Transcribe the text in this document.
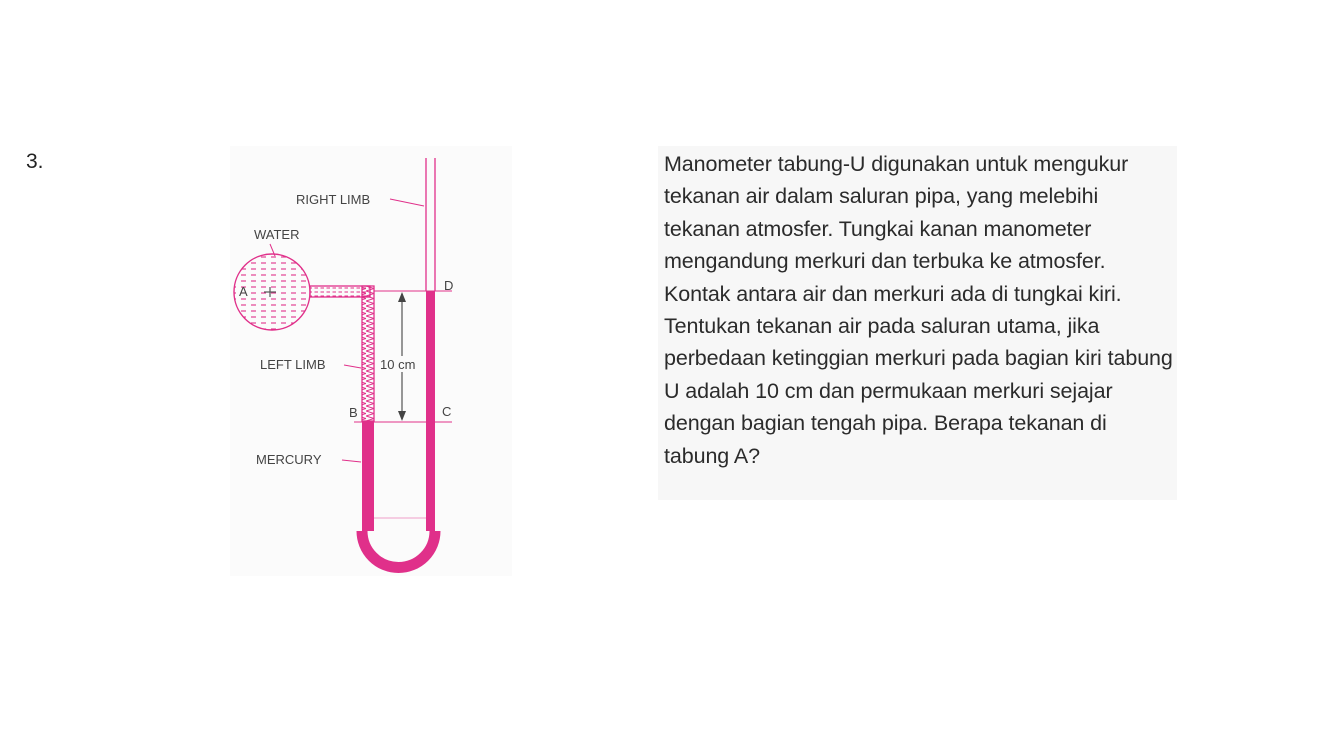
3.
10 cm
RIGHT LIMB
WATER
A	D
LEFT LIMB
B	C
MERCURY
Manometer tabung-U digunakan untuk mengukur tekanan air dalam saluran pipa, yang melebihi tekanan atmosfer. Tungkai kanan manometer mengandung merkuri dan terbuka ke atmosfer. Kontak antara air dan merkuri ada di tungkai kiri. Tentukan tekanan air pada saluran utama, jika perbedaan ketinggian merkuri pada bagian kiri tabung U adalah 10 cm dan permukaan merkuri sejajar dengan bagian tengah pipa. Berapa tekanan di tabung A?
